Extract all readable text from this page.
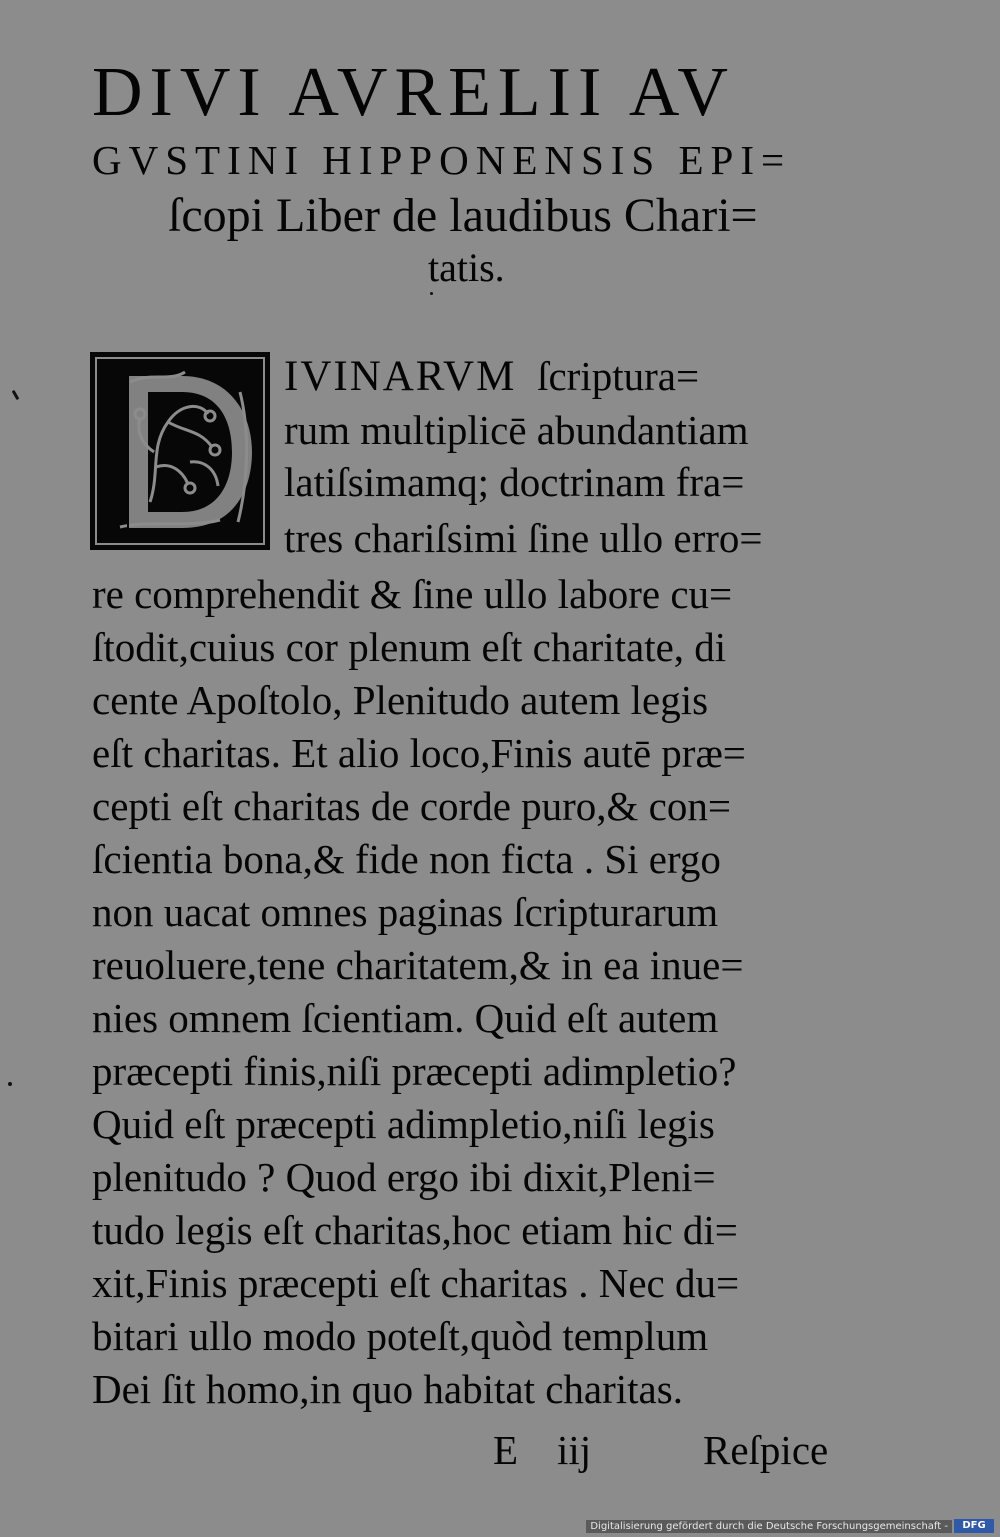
DIVI AVRELII AV
GVSTINI HIPPONENSIS EPI=
ſcopi Liber de laudibus Chari=
tatis.
IVINARVM ſcriptura=
rum multiplicē abundantiam
latiſsimamq; doctrinam fra=
tres chariſsimi ſine ullo erro=
re comprehendit & ſine ullo labore cu=
ſtodit,cuius cor plenum eſt charitate, di
cente Apoſtolo, Plenitudo autem legis
eſt charitas. Et alio loco,Finis autē præ=
cepti eſt charitas de corde puro,& con=
ſcientia bona,& fide non ficta . Si ergo
non uacat omnes paginas ſcripturarum
reuoluere,tene charitatem,& in ea inue=
nies omnem ſcientiam. Quid eſt autem
præcepti finis,niſi præcepti adimpletio?
Quid eſt præcepti adimpletio,niſi legis
plenitudo ? Quod ergo ibi dixit,Pleni=
tudo legis eſt charitas,hoc etiam hic di=
xit,Finis præcepti eſt charitas . Nec du=
bitari ullo modo poteſt,quòd templum
Dei ſit homo,in quo habitat charitas.
E iij	Reſpice
Digitalisierung gefördert durch die Deutsche Forschungsgemeinschaft -	DFG
